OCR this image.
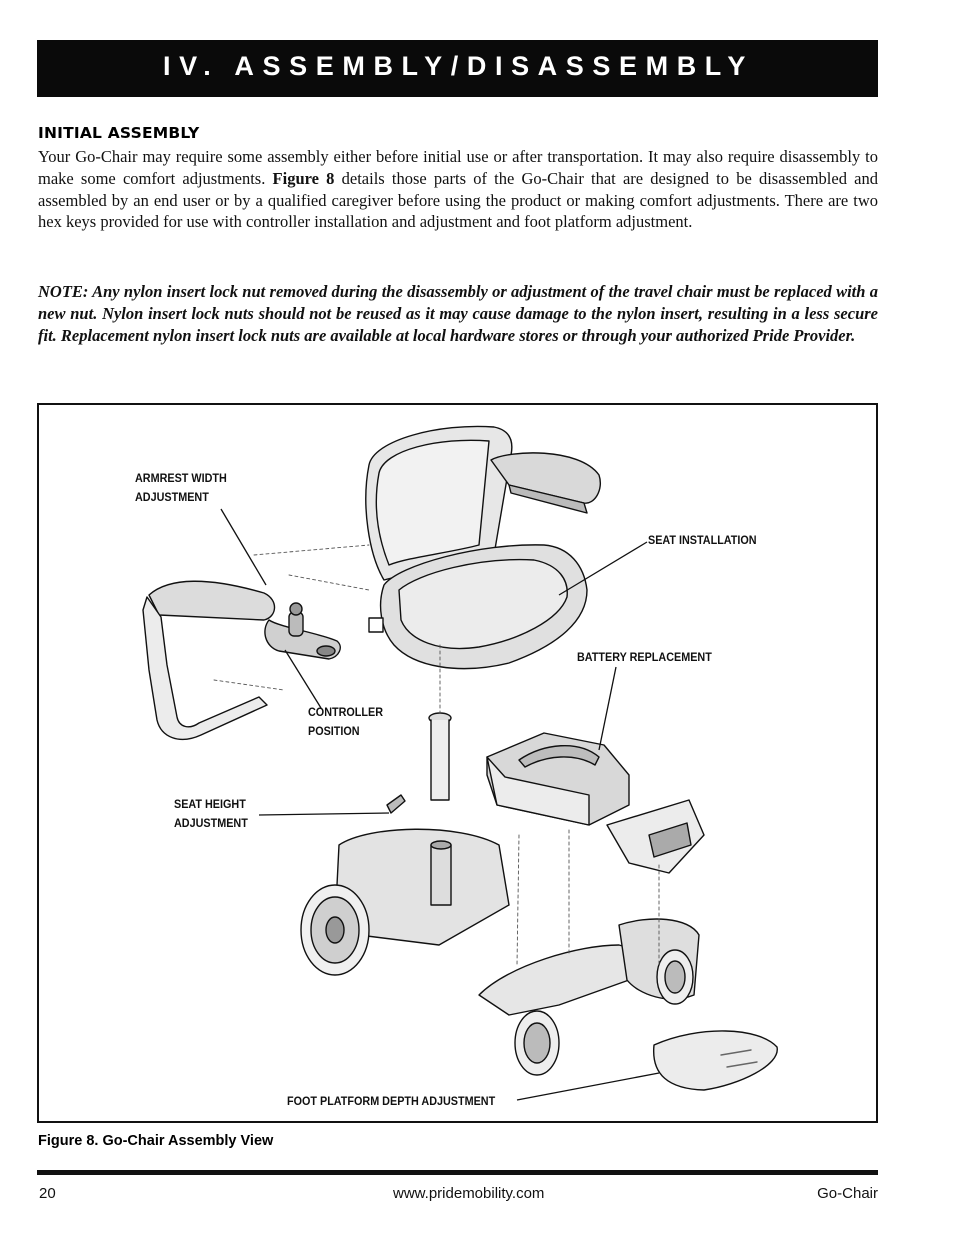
IV. ASSEMBLY/DISASSEMBLY
INITIAL ASSEMBLY

Your Go-Chair may require some assembly either before initial use or after transportation. It may also require disassembly to make some comfort adjustments. Figure 8 details those parts of the Go-Chair that are designed to be disassembled and assembled by an end user or by a qualified caregiver before using the product or making comfort adjustments. There are two hex keys provided for use with controller installation and adjustment and foot platform adjustment.

NOTE: Any nylon insert lock nut removed during the disassembly or adjustment of the travel chair must be replaced with a new nut. Nylon insert lock nuts should not be reused as it may cause damage to the nylon insert, resulting in a less secure fit. Replacement nylon insert lock nuts are available at local hardware stores or through your authorized Pride Provider.

ARMREST WIDTH
ADJUSTMENT
SEAT INSTALLATION
BATTERY REPLACEMENT
CONTROLLER
POSITION
SEAT HEIGHT
ADJUSTMENT
FOOT PLATFORM DEPTH ADJUSTMENT
Figure 8. Go-Chair Assembly View
20	www.pridemobility.com	Go-Chair
